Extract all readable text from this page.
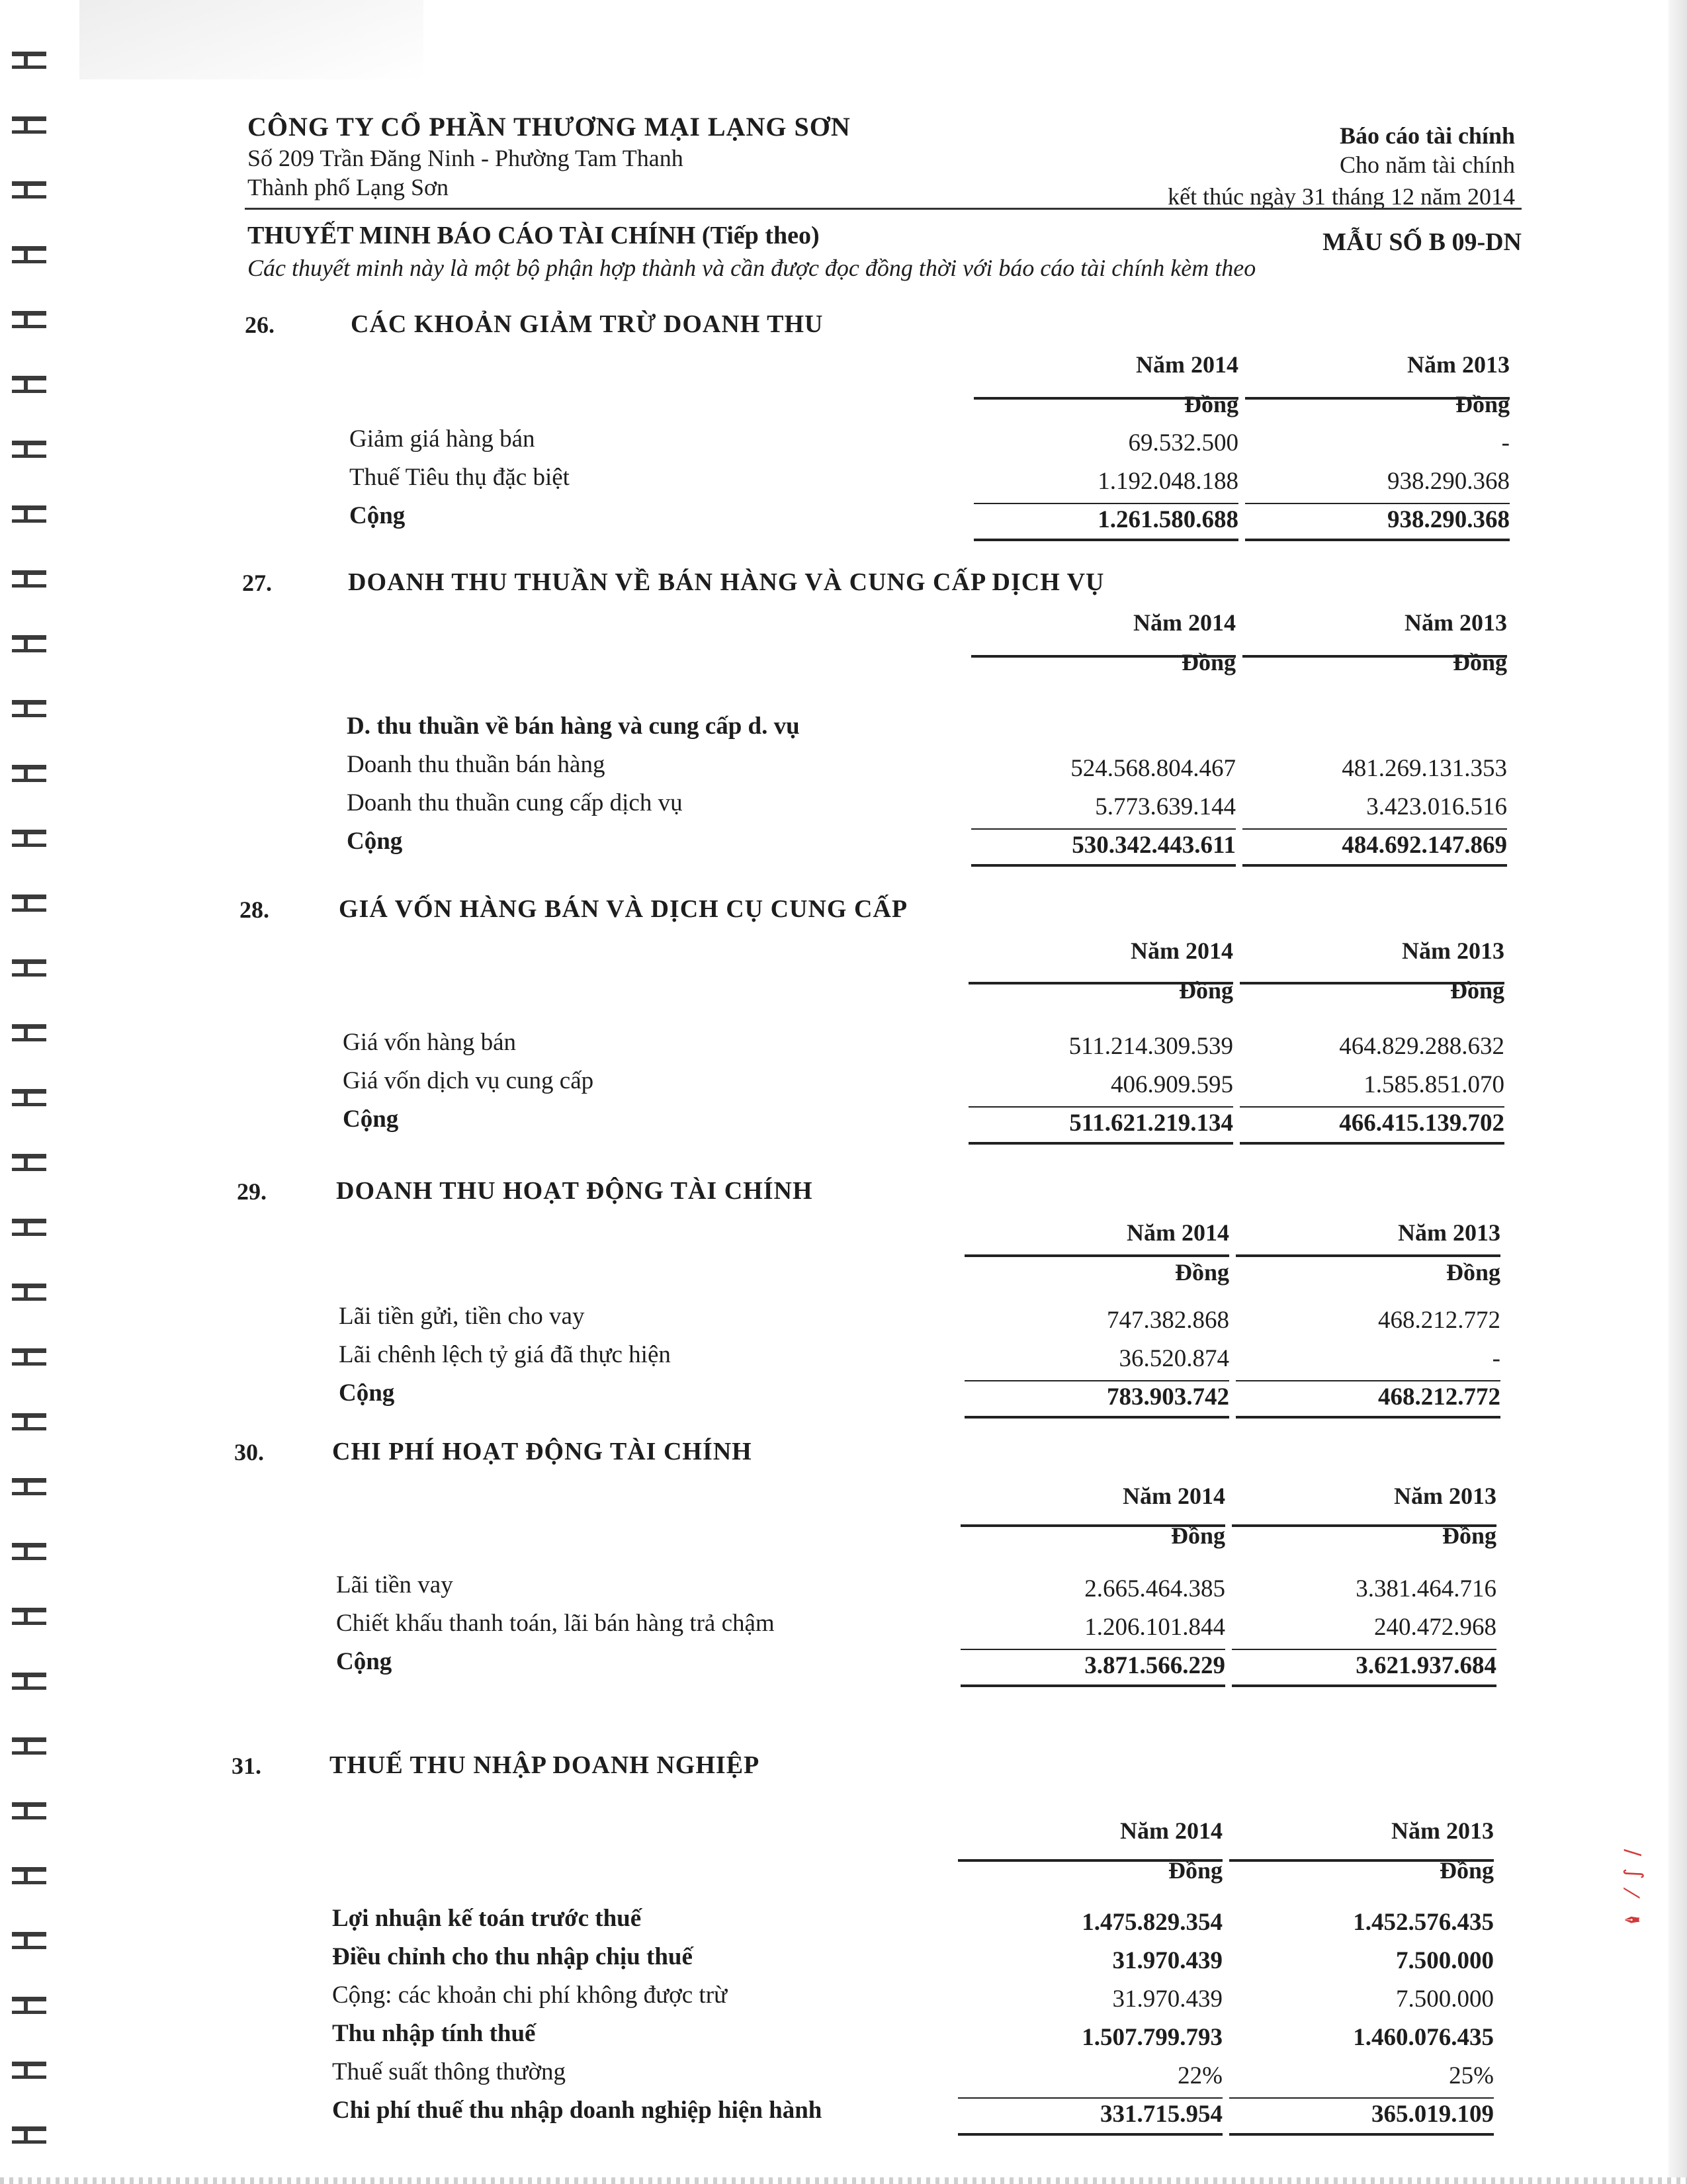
✒ ⁄ ∫ ∕
CÔNG TY CỔ PHẦN THƯƠNG MẠI LẠNG SƠN
Số 209 Trần Đăng Ninh - Phường Tam Thanh
Thành phố Lạng Sơn
Báo cáo tài chính
Cho năm tài chính
kết thúc ngày 31 tháng 12 năm 2014
THUYẾT MINH BÁO CÁO TÀI CHÍNH (Tiếp theo)	MẪU SỐ B 09-DN
Các thuyết minh này là một bộ phận hợp thành và cần được đọc đồng thời với báo cáo tài chính kèm theo
26.	CÁC KHOẢN GIẢM TRỪ DOANH THU
Năm 2014	Năm 2013
Đồng	Đồng
Giảm giá hàng bán	69.532.500	-
Thuế Tiêu thụ đặc biệt	1.192.048.188	938.290.368
Cộng	1.261.580.688	938.290.368
27.	DOANH THU THUẦN VỀ BÁN HÀNG VÀ CUNG CẤP DỊCH VỤ
Năm 2014	Năm 2013
Đồng	Đồng
D. thu thuần về bán hàng và cung cấp d. vụ
Doanh thu thuần bán hàng	524.568.804.467	481.269.131.353
Doanh thu thuần cung cấp dịch vụ	5.773.639.144	3.423.016.516
Cộng	530.342.443.611	484.692.147.869
28.	GIÁ VỐN HÀNG BÁN VÀ DỊCH CỤ CUNG CẤP
Năm 2014	Năm 2013
Đồng	Đồng
Giá vốn hàng bán	511.214.309.539	464.829.288.632
Giá vốn dịch vụ cung cấp	406.909.595	1.585.851.070
Cộng	511.621.219.134	466.415.139.702
29.	DOANH THU HOẠT ĐỘNG TÀI CHÍNH
Năm 2014	Năm 2013
Đồng	Đồng
Lãi tiền gửi, tiền cho vay	747.382.868	468.212.772
Lãi chênh lệch tỷ giá đã thực hiện	36.520.874	-
Cộng	783.903.742	468.212.772
30.	CHI PHÍ HOẠT ĐỘNG TÀI CHÍNH
Năm 2014	Năm 2013
Đồng	Đồng
Lãi tiền vay	2.665.464.385	3.381.464.716
Chiết khấu thanh toán, lãi bán hàng trả chậm	1.206.101.844	240.472.968
Cộng	3.871.566.229	3.621.937.684
31.	THUẾ THU NHẬP DOANH NGHIỆP
Năm 2014	Năm 2013
Đồng	Đồng
Lợi nhuận kế toán trước thuế	1.475.829.354	1.452.576.435
Điều chỉnh cho thu nhập chịu thuế	31.970.439	7.500.000
Cộng: các khoản chi phí không được trừ	31.970.439	7.500.000
Thu nhập tính thuế	1.507.799.793	1.460.076.435
Thuế suất thông thường	22%	25%
Chi phí thuế thu nhập doanh nghiệp hiện hành	331.715.954	365.019.109
